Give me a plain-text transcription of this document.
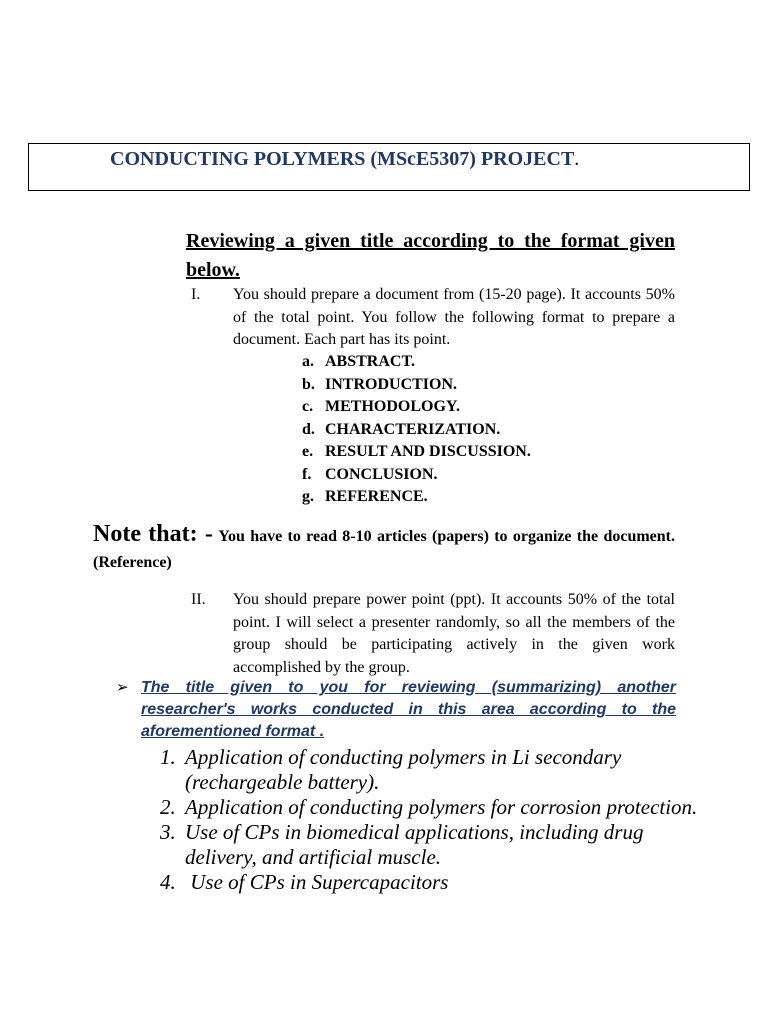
CONDUCTING POLYMERS (MScE5307) PROJECT.
Reviewing a given title according to the format given below.
I. You should prepare a document from (15-20 page). It accounts 50% of the total point. You follow the following format to prepare a document. Each part has its point.
a. ABSTRACT.
b. INTRODUCTION.
c. METHODOLOGY.
d. CHARACTERIZATION.
e. RESULT AND DISCUSSION.
f. CONCLUSION.
g. REFERENCE.
Note that: - You have to read 8-10 articles (papers) to organize the document. (Reference)
II. You should prepare power point (ppt). It accounts 50% of the total point. I will select a presenter randomly, so all the members of the group should be participating actively in the given work accomplished by the group.
➢ The title given to you for reviewing (summarizing) another researcher's works conducted in this area according to the aforementioned format .
1. Application of conducting polymers in Li secondary (rechargeable battery).
2. Application of conducting polymers for corrosion protection.
3. Use of CPs in biomedical applications, including drug delivery, and artificial muscle.
4. Use of CPs in Supercapacitors
